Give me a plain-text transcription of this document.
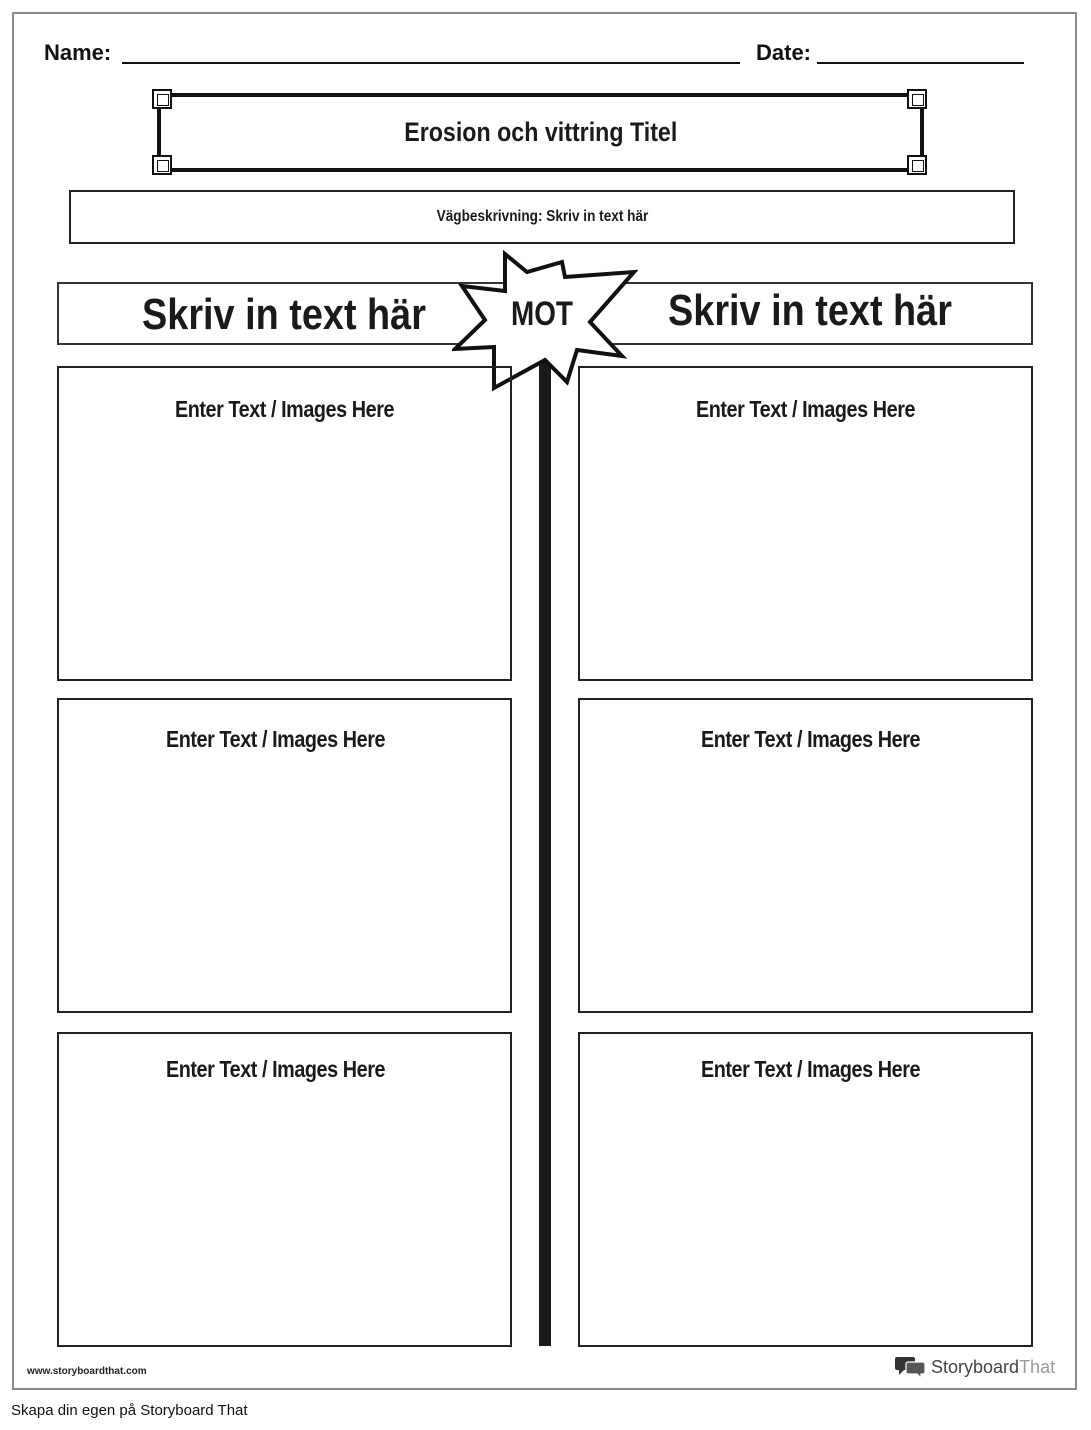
Name:	Date:
Erosion och vittring Titel
Vägbeskrivning: Skriv in text här
Skriv in text här	Skriv in text här
MOT
Enter Text / Images Here
Enter Text / Images Here
Enter Text / Images Here
Enter Text / Images Here
Enter Text / Images Here
Enter Text / Images Here
www.storyboardthat.com	Storyboard That
Skapa din egen på Storyboard That
